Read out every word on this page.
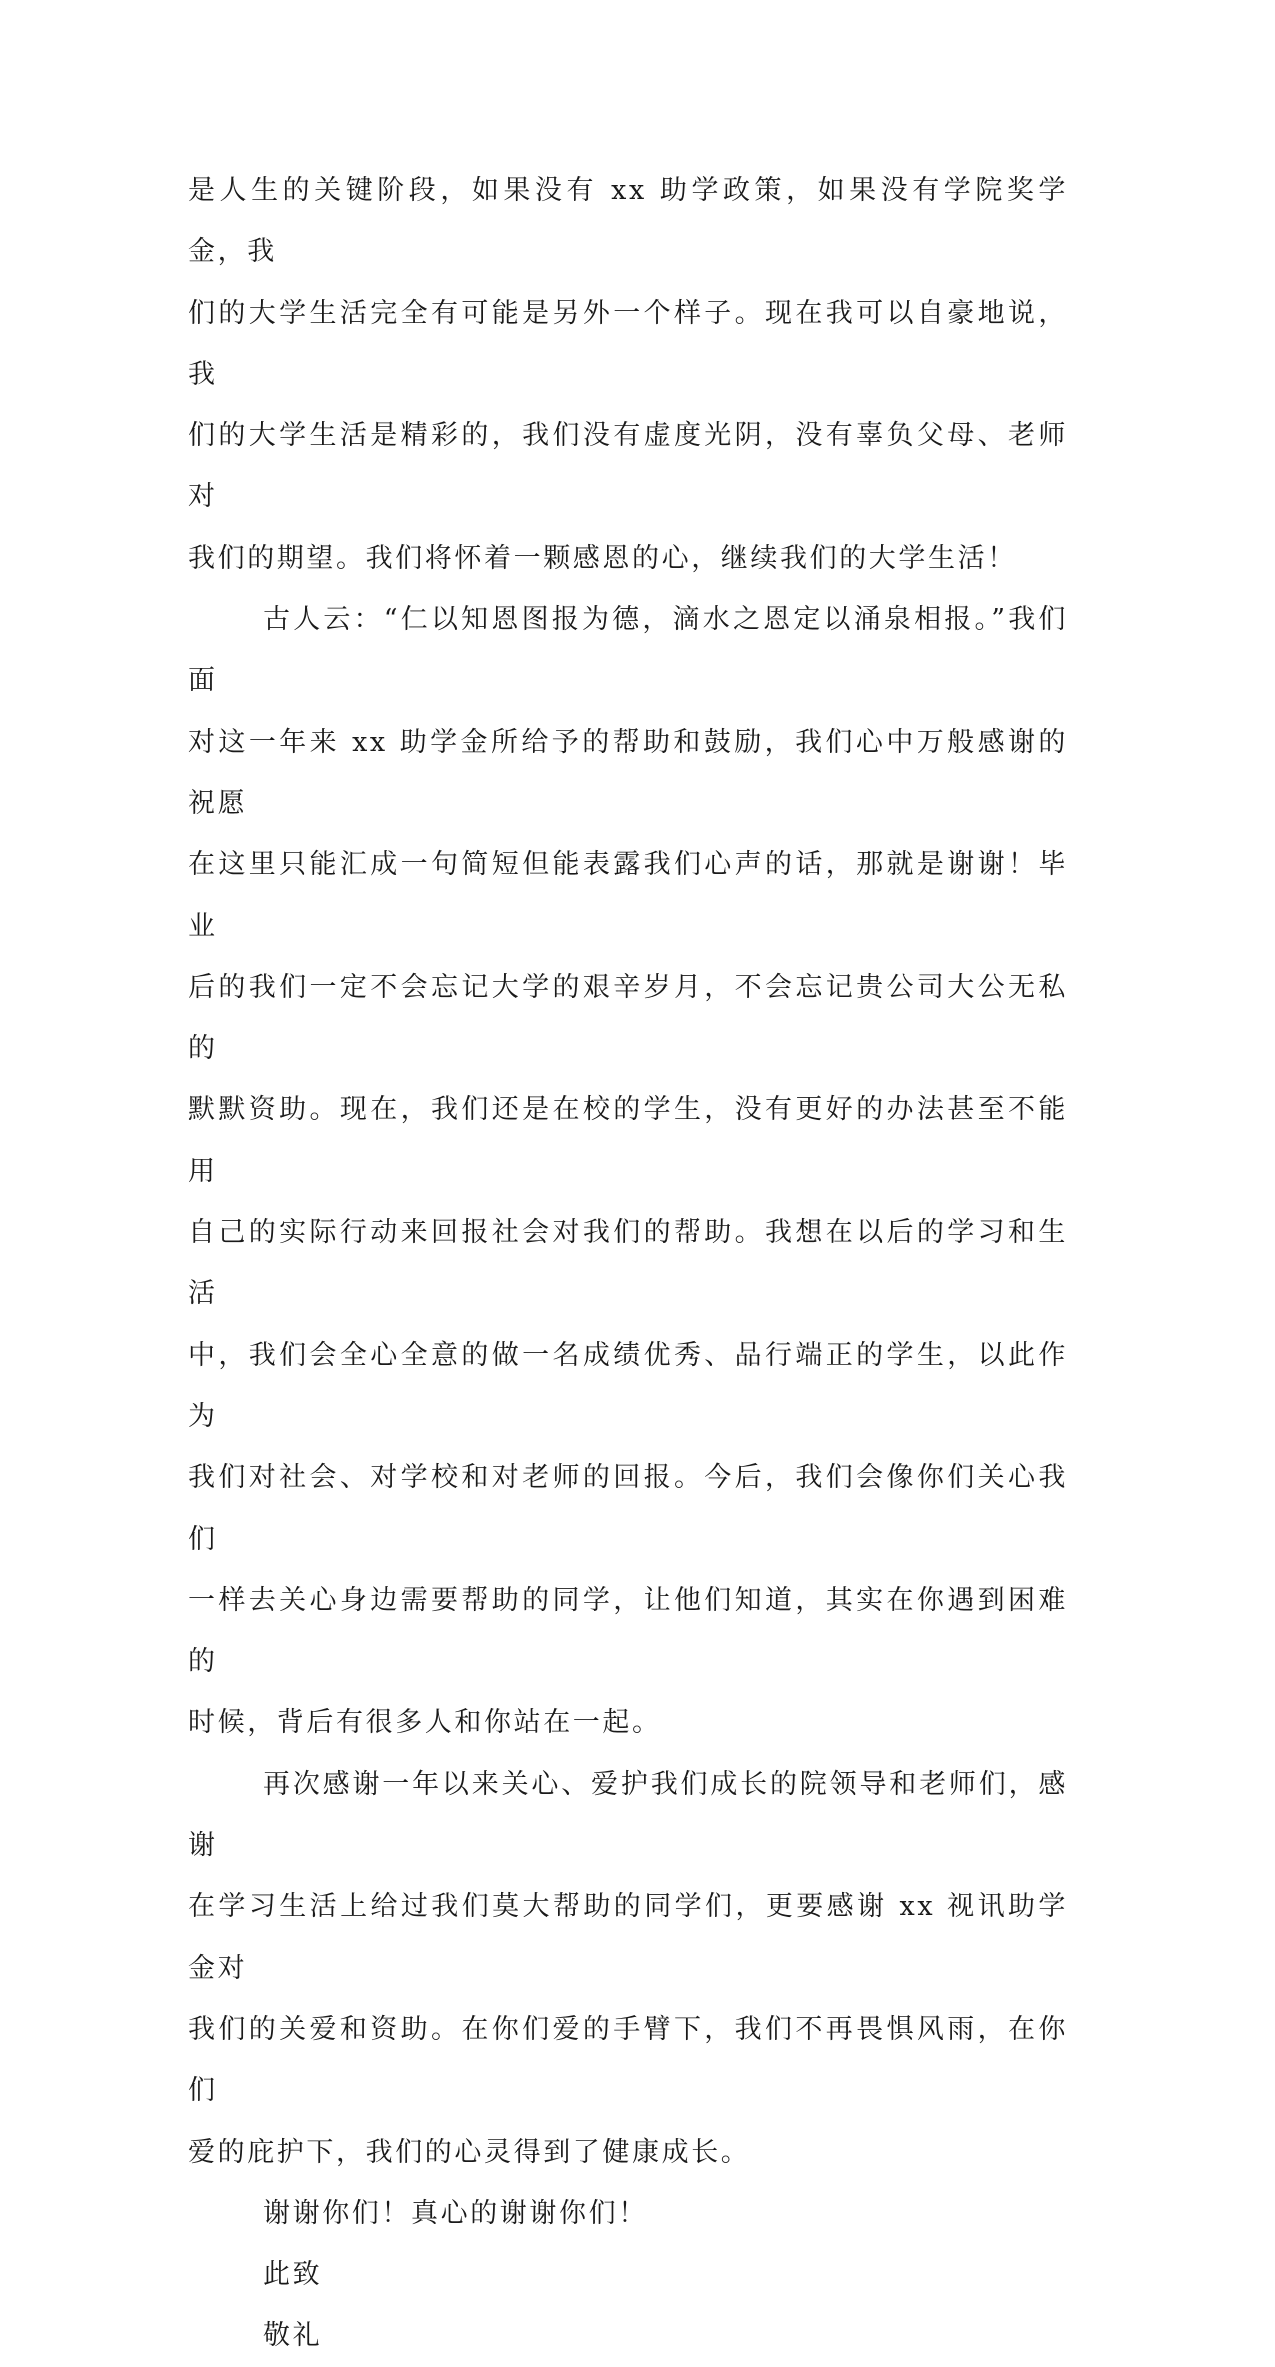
是人生的关键阶段，如果没有 xx 助学政策，如果没有学院奖学金，我
们的大学生活完全有可能是另外一个样子。现在我可以自豪地说，我
们的大学生活是精彩的，我们没有虚度光阴，没有辜负父母、老师对
我们的期望。我们将怀着一颗感恩的心，继续我们的大学生活！
古人云：“仁以知恩图报为德，滴水之恩定以涌泉相报。”我们面
对这一年来 xx 助学金所给予的帮助和鼓励，我们心中万般感谢的祝愿
在这里只能汇成一句简短但能表露我们心声的话，那就是谢谢！毕业
后的我们一定不会忘记大学的艰辛岁月，不会忘记贵公司大公无私的
默默资助。现在，我们还是在校的学生，没有更好的办法甚至不能用
自己的实际行动来回报社会对我们的帮助。我想在以后的学习和生活
中，我们会全心全意的做一名成绩优秀、品行端正的学生，以此作为
我们对社会、对学校和对老师的回报。今后，我们会像你们关心我们
一样去关心身边需要帮助的同学，让他们知道，其实在你遇到困难的
时候，背后有很多人和你站在一起。
再次感谢一年以来关心、爱护我们成长的院领导和老师们，感谢
在学习生活上给过我们莫大帮助的同学们，更要感谢 xx 视讯助学金对
我们的关爱和资助。在你们爱的手臂下，我们不再畏惧风雨，在你们
爱的庇护下，我们的心灵得到了健康成长。

谢谢你们！真心的谢谢你们！

此致

敬礼
